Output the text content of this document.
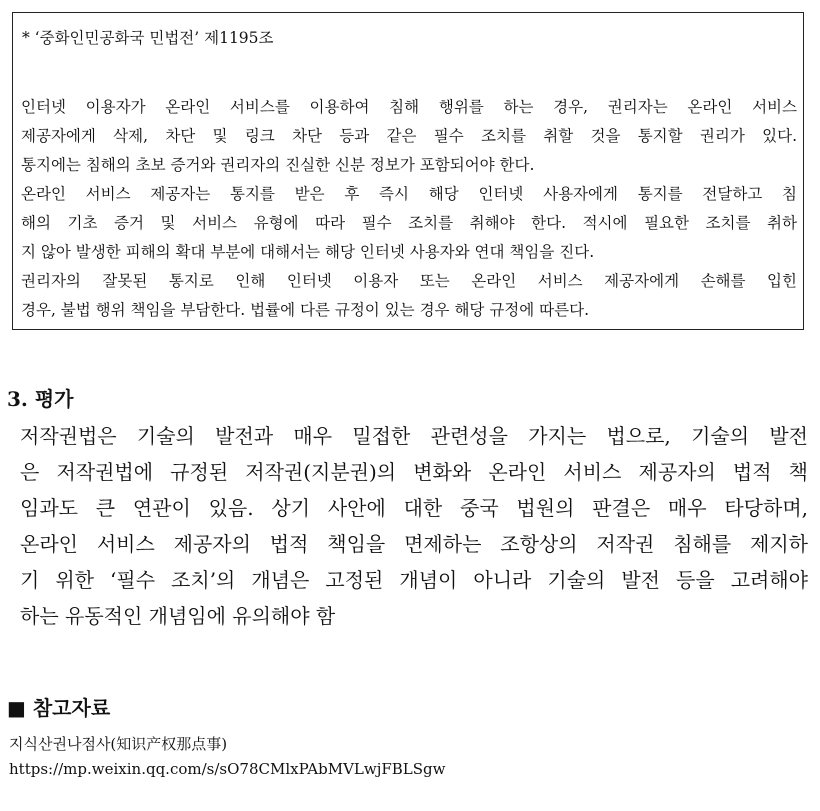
* ‘중화인민공화국 민법전’ 제1195조
인터넷 이용자가 온라인 서비스를 이용하여 침해 행위를 하는 경우, 권리자는 온라인 서비스
제공자에게 삭제, 차단 및 링크 차단 등과 같은 필수 조치를 취할 것을 통지할 권리가 있다.
통지에는 침해의 초보 증거와 권리자의 진실한 신분 정보가 포함되어야 한다.
온라인 서비스 제공자는 통지를 받은 후 즉시 해당 인터넷 사용자에게 통지를 전달하고 침
해의 기초 증거 및 서비스 유형에 따라 필수 조치를 취해야 한다. 적시에 필요한 조치를 취하
지 않아 발생한 피해의 확대 부분에 대해서는 해당 인터넷 사용자와 연대 책임을 진다.
권리자의 잘못된 통지로 인해 인터넷 이용자 또는 온라인 서비스 제공자에게 손해를 입힌
경우, 불법 행위 책임을 부담한다. 법률에 다른 규정이 있는 경우 해당 규정에 따른다.
3. 평가
저작권법은 기술의 발전과 매우 밀접한 관련성을 가지는 법으로, 기술의 발전
은 저작권법에 규정된 저작권(지분권)의 변화와 온라인 서비스 제공자의 법적 책
임과도 큰 연관이 있음. 상기 사안에 대한 중국 법원의 판결은 매우 타당하며,
온라인 서비스 제공자의 법적 책임을 면제하는 조항상의 저작권 침해를 제지하
기 위한 ‘필수 조치’의 개념은 고정된 개념이 아니라 기술의 발전 등을 고려해야
하는 유동적인 개념임에 유의해야 함
■ 참고자료
지식산권나점사(知识产权那点事)
https://mp.weixin.qq.com/s/sO78CMlxPAbMVLwjFBLSgw
